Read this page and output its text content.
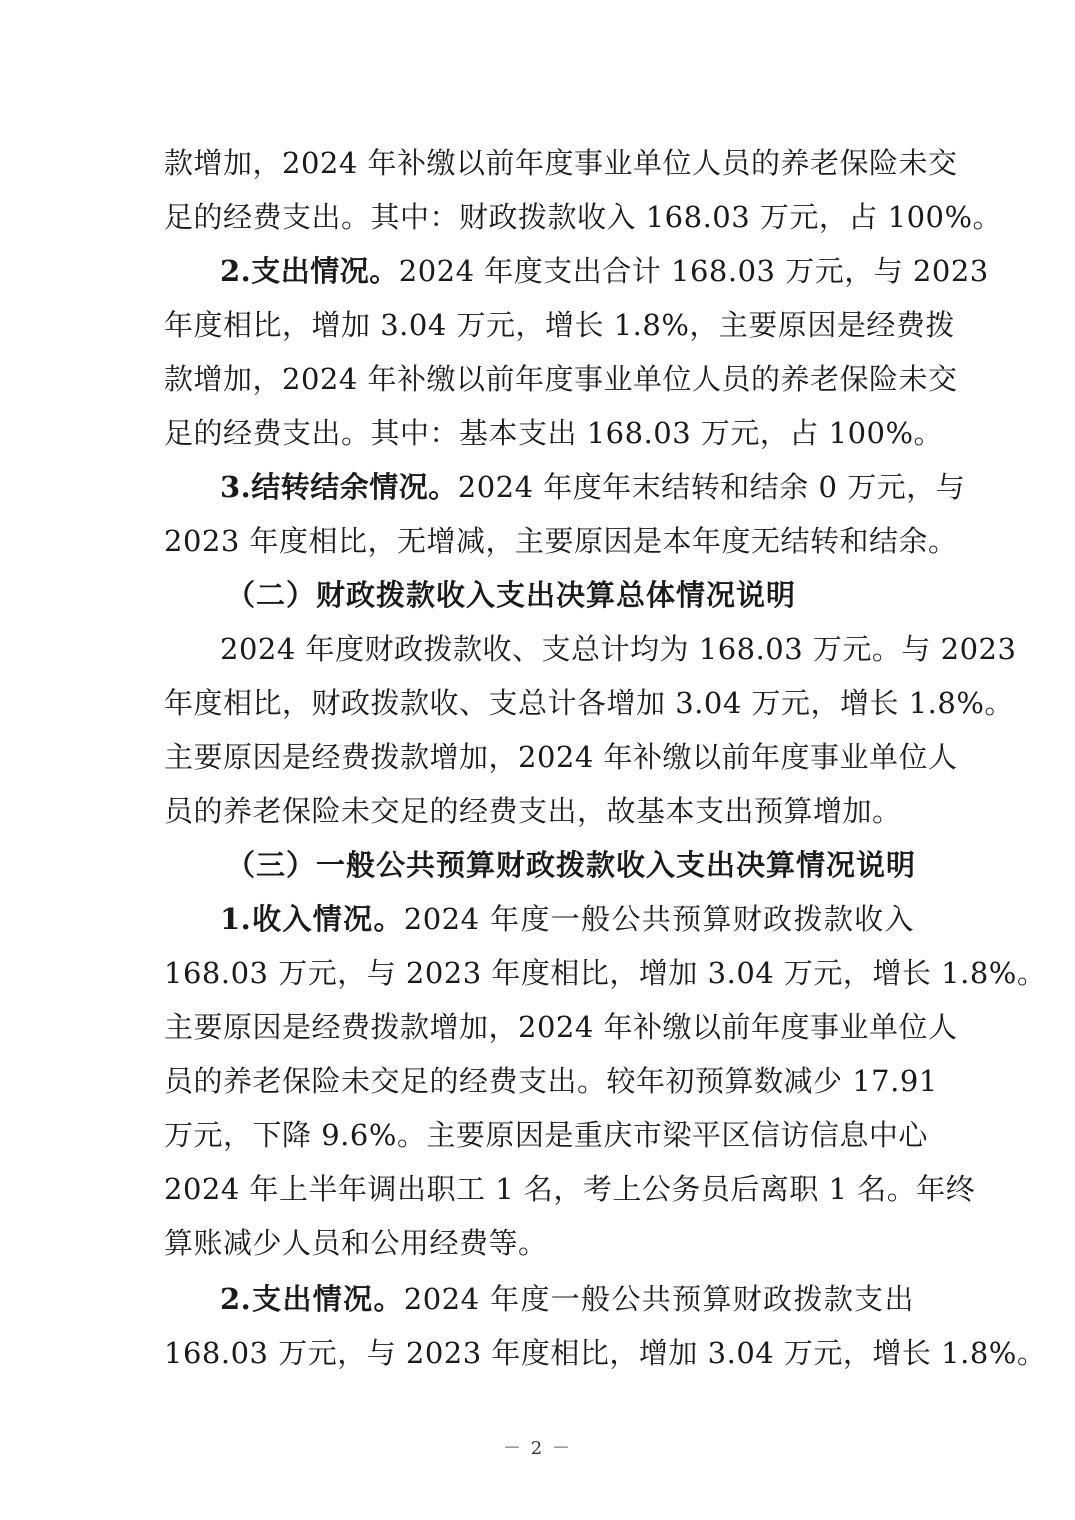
款增加，2024 年补缴以前年度事业单位人员的养老保险未交
足的经费支出。其中：财政拨款收入 168.03 万元，占 100%。
2.支出情况。2024 年度支出合计 168.03 万元，与 2023
年度相比，增加 3.04 万元，增长 1.8%，主要原因是经费拨
款增加，2024 年补缴以前年度事业单位人员的养老保险未交
足的经费支出。其中：基本支出 168.03 万元，占 100%。
3.结转结余情况。2024 年度年末结转和结余 0 万元，与
2023 年度相比，无增减，主要原因是本年度无结转和结余。
（二）财政拨款收入支出决算总体情况说明
2024 年度财政拨款收、支总计均为 168.03 万元。与 2023
年度相比，财政拨款收、支总计各增加 3.04 万元，增长 1.8%。
主要原因是经费拨款增加，2024 年补缴以前年度事业单位人
员的养老保险未交足的经费支出，故基本支出预算增加。
（三）一般公共预算财政拨款收入支出决算情况说明
1.收入情况。2024 年度一般公共预算财政拨款收入
168.03 万元，与 2023 年度相比，增加 3.04 万元，增长 1.8%。
主要原因是经费拨款增加，2024 年补缴以前年度事业单位人
员的养老保险未交足的经费支出。较年初预算数减少 17.91
万元，下降 9.6%。主要原因是重庆市梁平区信访信息中心
2024 年上半年调出职工 1 名，考上公务员后离职 1 名。年终
算账减少人员和公用经费等。
2.支出情况。2024 年度一般公共预算财政拨款支出
168.03 万元，与 2023 年度相比，增加 3.04 万元，增长 1.8%。
－ 2 －
